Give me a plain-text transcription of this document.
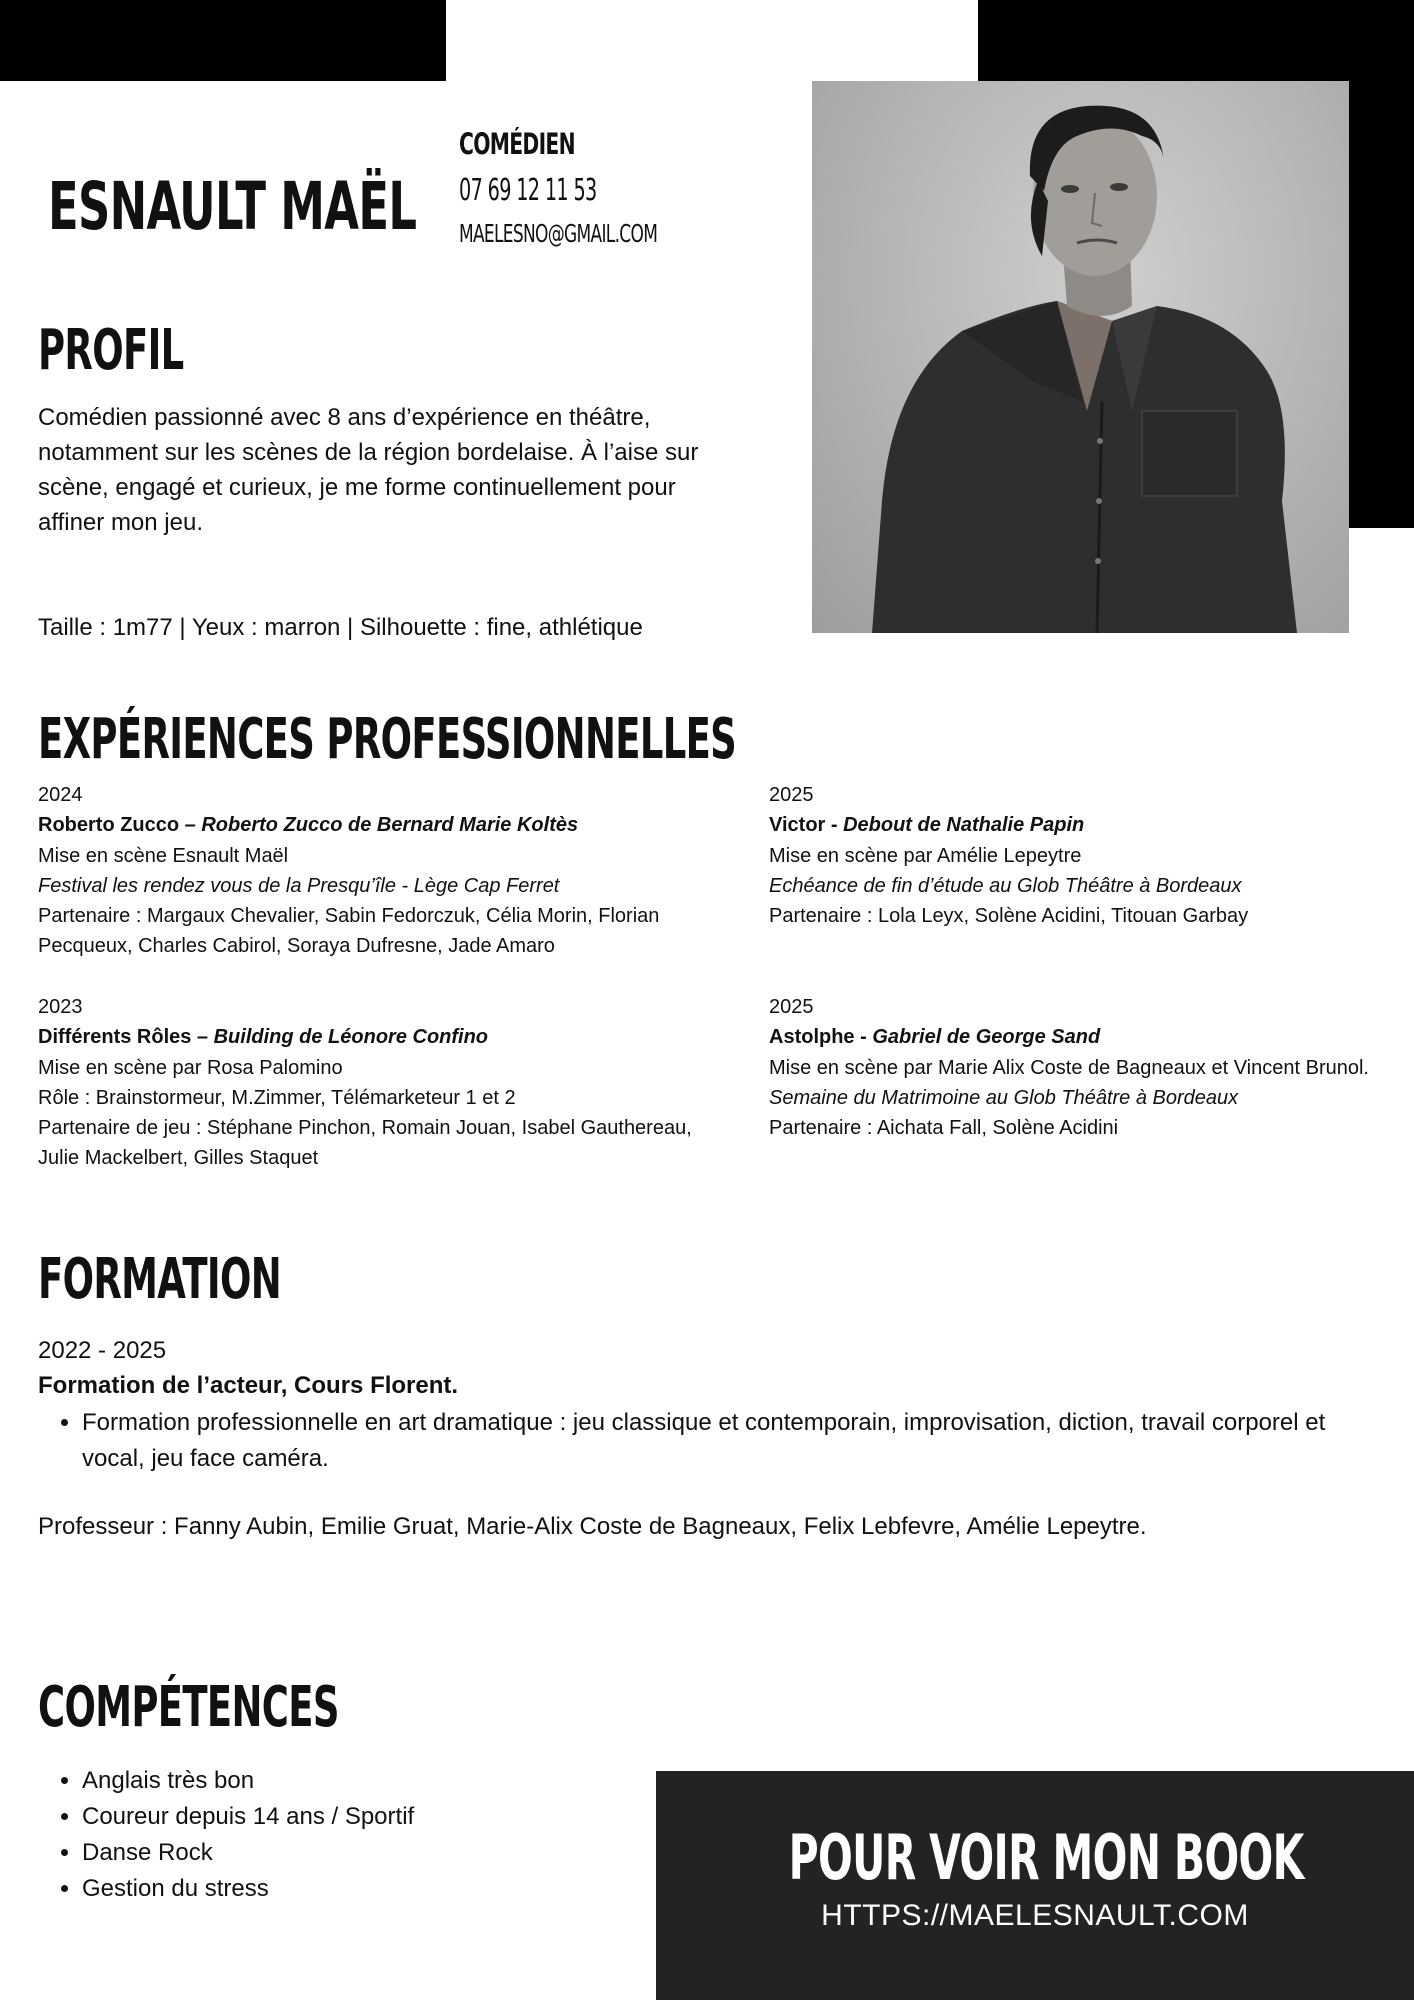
ESNAULT MAËL
COMÉDIEN
07 69 12 11 53
MAELESNO@GMAIL.COM
PROFIL
Comédien passionné avec 8 ans d’expérience en théâtre, notamment sur les scènes de la région bordelaise. À l’aise sur scène, engagé et curieux, je me forme continuellement pour affiner mon jeu.
Taille : 1m77 | Yeux : marron | Silhouette : fine, athlétique
EXPÉRIENCES PROFESSIONNELLES
2024
Roberto Zucco – Roberto Zucco de Bernard Marie Koltès
Mise en scène Esnault Maël
Festival les rendez vous de la Presqu’île - Lège Cap Ferret
Partenaire : Margaux Chevalier, Sabin Fedorczuk, Célia Morin, Florian Pecqueux, Charles Cabirol, Soraya Dufresne, Jade Amaro
2025
Victor - Debout de Nathalie Papin
Mise en scène par Amélie Lepeytre
Echéance de fin d’étude au Glob Théâtre à Bordeaux
Partenaire : Lola Leyx, Solène Acidini, Titouan Garbay
2023
Différents Rôles – Building de Léonore Confino
Mise en scène par Rosa Palomino
Rôle : Brainstormeur, M.Zimmer, Télémarketeur 1 et 2
Partenaire de jeu : Stéphane Pinchon, Romain Jouan, Isabel Gauthereau, Julie Mackelbert, Gilles Staquet
2025
Astolphe - Gabriel de George Sand
Mise en scène par Marie Alix Coste de Bagneaux et Vincent Brunol.
Semaine du Matrimoine au Glob Théâtre à Bordeaux
Partenaire : Aichata Fall, Solène Acidini
FORMATION
2022 - 2025
Formation de l’acteur, Cours Florent.
• Formation professionnelle en art dramatique : jeu classique et contemporain, improvisation, diction, travail corporel et vocal, jeu face caméra.
Professeur : Fanny Aubin, Emilie Gruat, Marie-Alix Coste de Bagneaux, Felix Lebfevre, Amélie Lepeytre.
COMPÉTENCES
• Anglais très bon
• Coureur depuis 14 ans / Sportif
• Danse Rock
• Gestion du stress	POUR VOIR MON BOOK
HTTPS://MAELESNAULT.COM
